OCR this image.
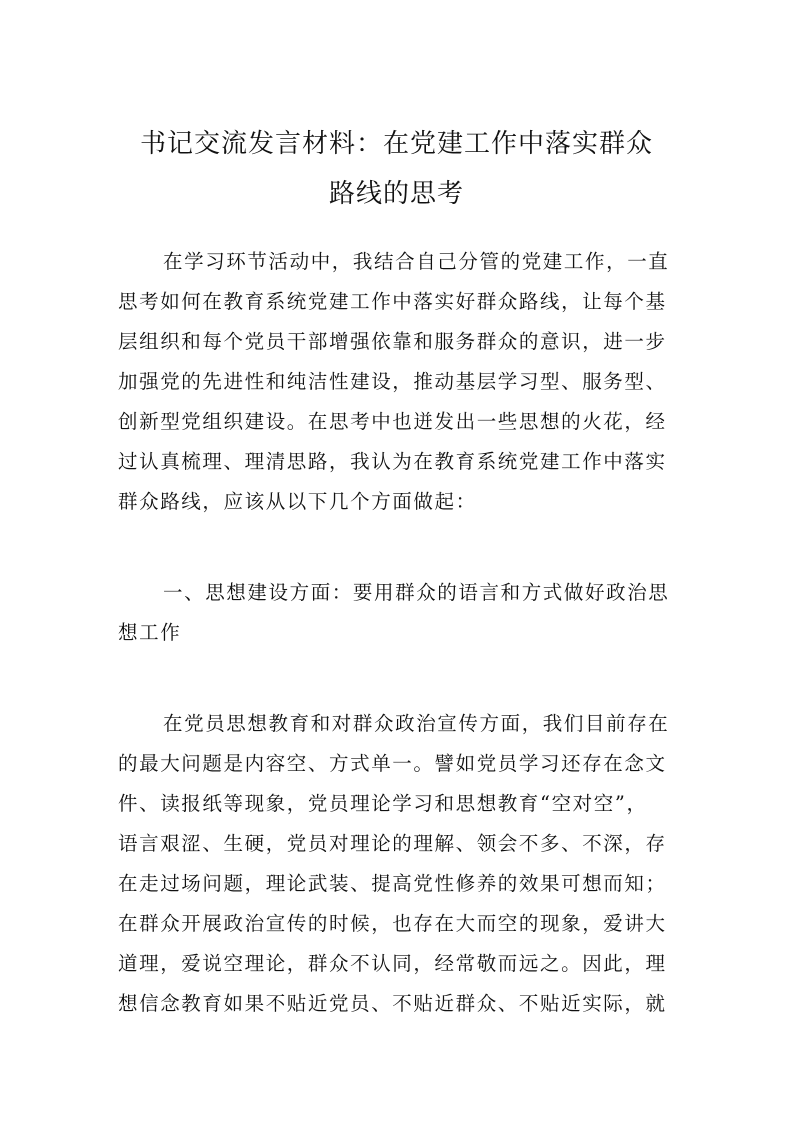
书记交流发言材料：在党建工作中落实群众
路线的思考
在学习环节活动中，我结合自己分管的党建工作，一直
思考如何在教育系统党建工作中落实好群众路线，让每个基
层组织和每个党员干部增强依靠和服务群众的意识，进一步
加强党的先进性和纯洁性建设，推动基层学习型、服务型、
创新型党组织建设。在思考中也迸发出一些思想的火花，经
过认真梳理、理清思路，我认为在教育系统党建工作中落实
群众路线，应该从以下几个方面做起：
一、思想建设方面：要用群众的语言和方式做好政治思
想工作
在党员思想教育和对群众政治宣传方面，我们目前存在
的最大问题是内容空、方式单一。譬如党员学习还存在念文
件、读报纸等现象，党员理论学习和思想教育“空对空”，
语言艰涩、生硬，党员对理论的理解、领会不多、不深，存
在走过场问题，理论武装、提高党性修养的效果可想而知；
在群众开展政治宣传的时候，也存在大而空的现象，爱讲大
道理，爱说空理论，群众不认同，经常敬而远之。因此，理
想信念教育如果不贴近党员、不贴近群众、不贴近实际，就
